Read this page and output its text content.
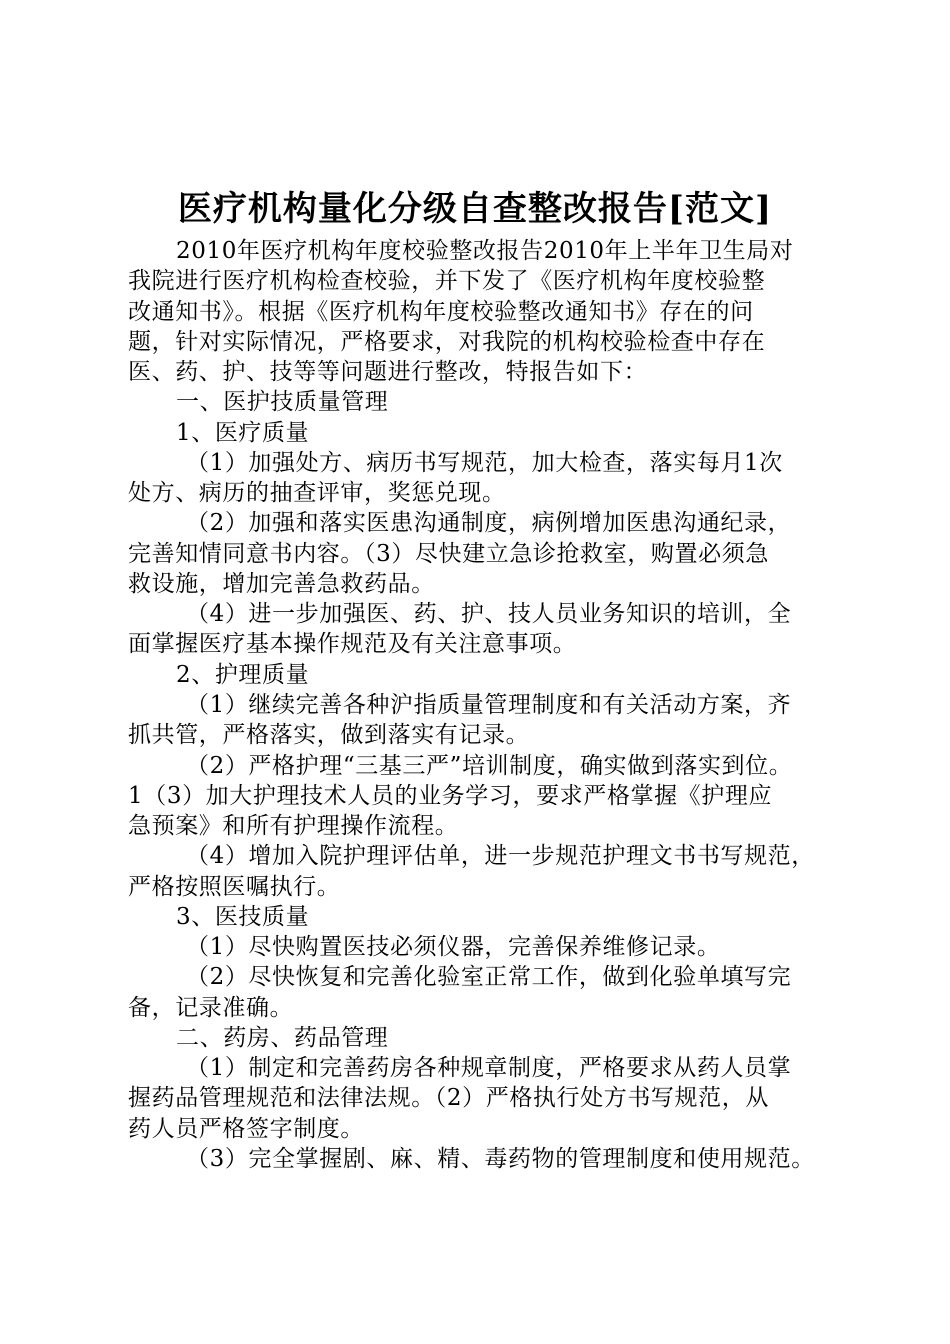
医疗机构量化分级自查整改报告[范文]
2010年医疗机构年度校验整改报告2010年上半年卫生局对
我院进行医疗机构检查校验，并下发了《医疗机构年度校验整
改通知书》。根据《医疗机构年度校验整改通知书》存在的问
题，针对实际情况，严格要求，对我院的机构校验检查中存在
医、药、护、技等等问题进行整改，特报告如下：
一、医护技质量管理
1、医疗质量
（1）加强处方、病历书写规范，加大检查，落实每月1次
处方、病历的抽查评审，奖惩兑现。
（2）加强和落实医患沟通制度，病例增加医患沟通纪录，
完善知情同意书内容。（3）尽快建立急诊抢救室，购置必须急
救设施，增加完善急救药品。
（4）进一步加强医、药、护、技人员业务知识的培训，全
面掌握医疗基本操作规范及有关注意事项。
2、护理质量
（1）继续完善各种沪指质量管理制度和有关活动方案，齐
抓共管，严格落实，做到落实有记录。
（2）严格护理“三基三严”培训制度，确实做到落实到位。
1（3）加大护理技术人员的业务学习，要求严格掌握《护理应
急预案》和所有护理操作流程。
（4）增加入院护理评估单，进一步规范护理文书书写规范，
严格按照医嘱执行。
3、医技质量
（1）尽快购置医技必须仪器，完善保养维修记录。
（2）尽快恢复和完善化验室正常工作，做到化验单填写完
备，记录准确。
二、药房、药品管理
（1）制定和完善药房各种规章制度，严格要求从药人员掌
握药品管理规范和法律法规。（2）严格执行处方书写规范，从
药人员严格签字制度。
（3）完全掌握剧、麻、精、毒药物的管理制度和使用规范。
